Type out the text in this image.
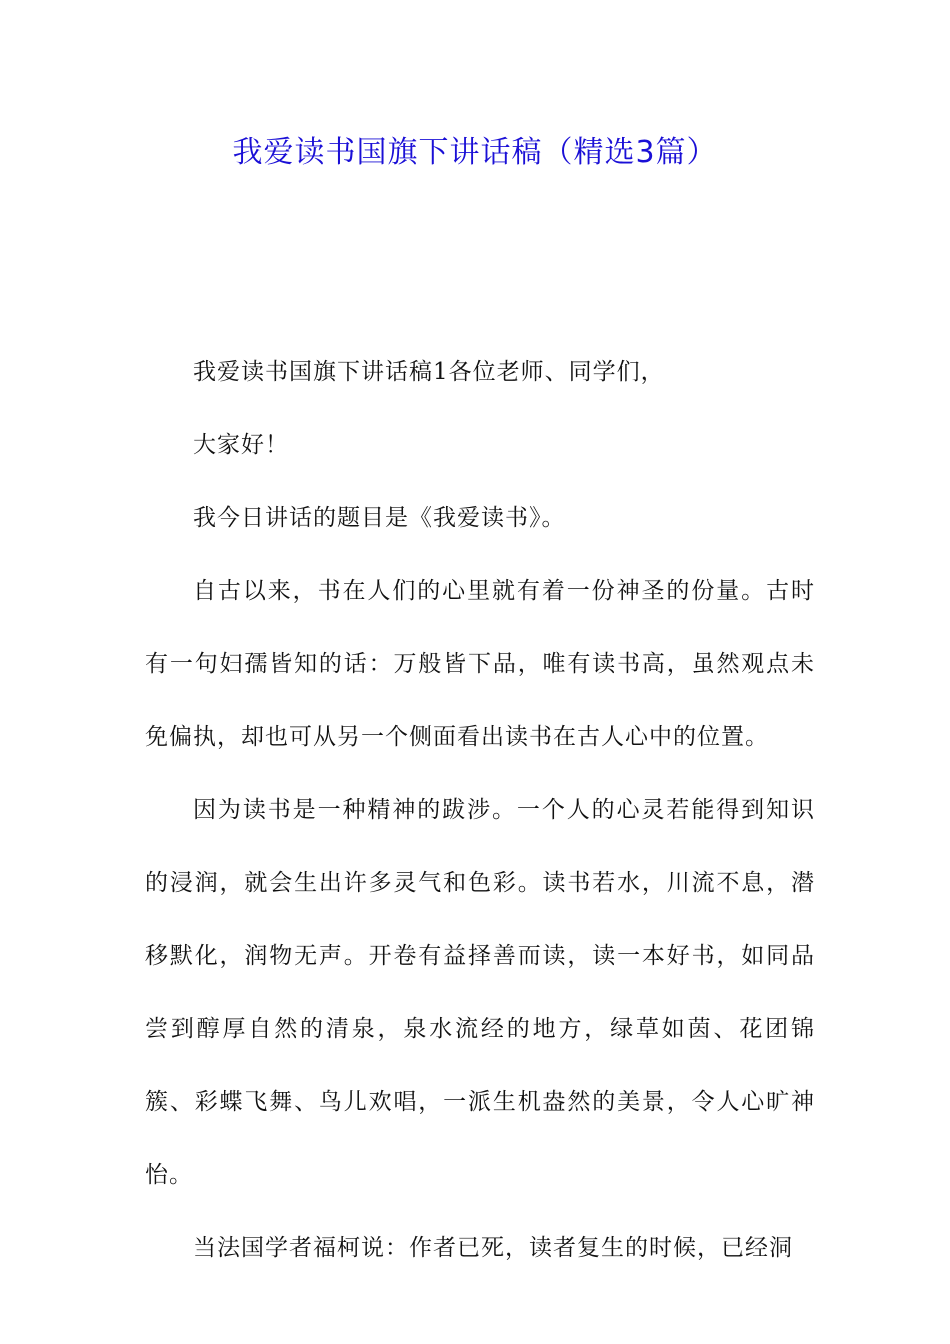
我爱读书国旗下讲话稿（精选3篇）

我爱读书国旗下讲话稿1各位老师、同学们，

大家好！

我今日讲话的题目是《我爱读书》。

自古以来，书在人们的心里就有着一份神圣的份量。古时有一句妇孺皆知的话：万般皆下品，唯有读书高，虽然观点未免偏执，却也可从另一个侧面看出读书在古人心中的位置。

因为读书是一种精神的跋涉。一个人的心灵若能得到知识的浸润，就会生出许多灵气和色彩。读书若水，川流不息，潜移默化，润物无声。开卷有益择善而读，读一本好书，如同品尝到醇厚自然的清泉，泉水流经的地方，绿草如茵、花团锦簇、彩蝶飞舞、鸟儿欢唱，一派生机盎然的美景，令人心旷神怡。

当法国学者福柯说：作者已死，读者复生的时候，已经洞
